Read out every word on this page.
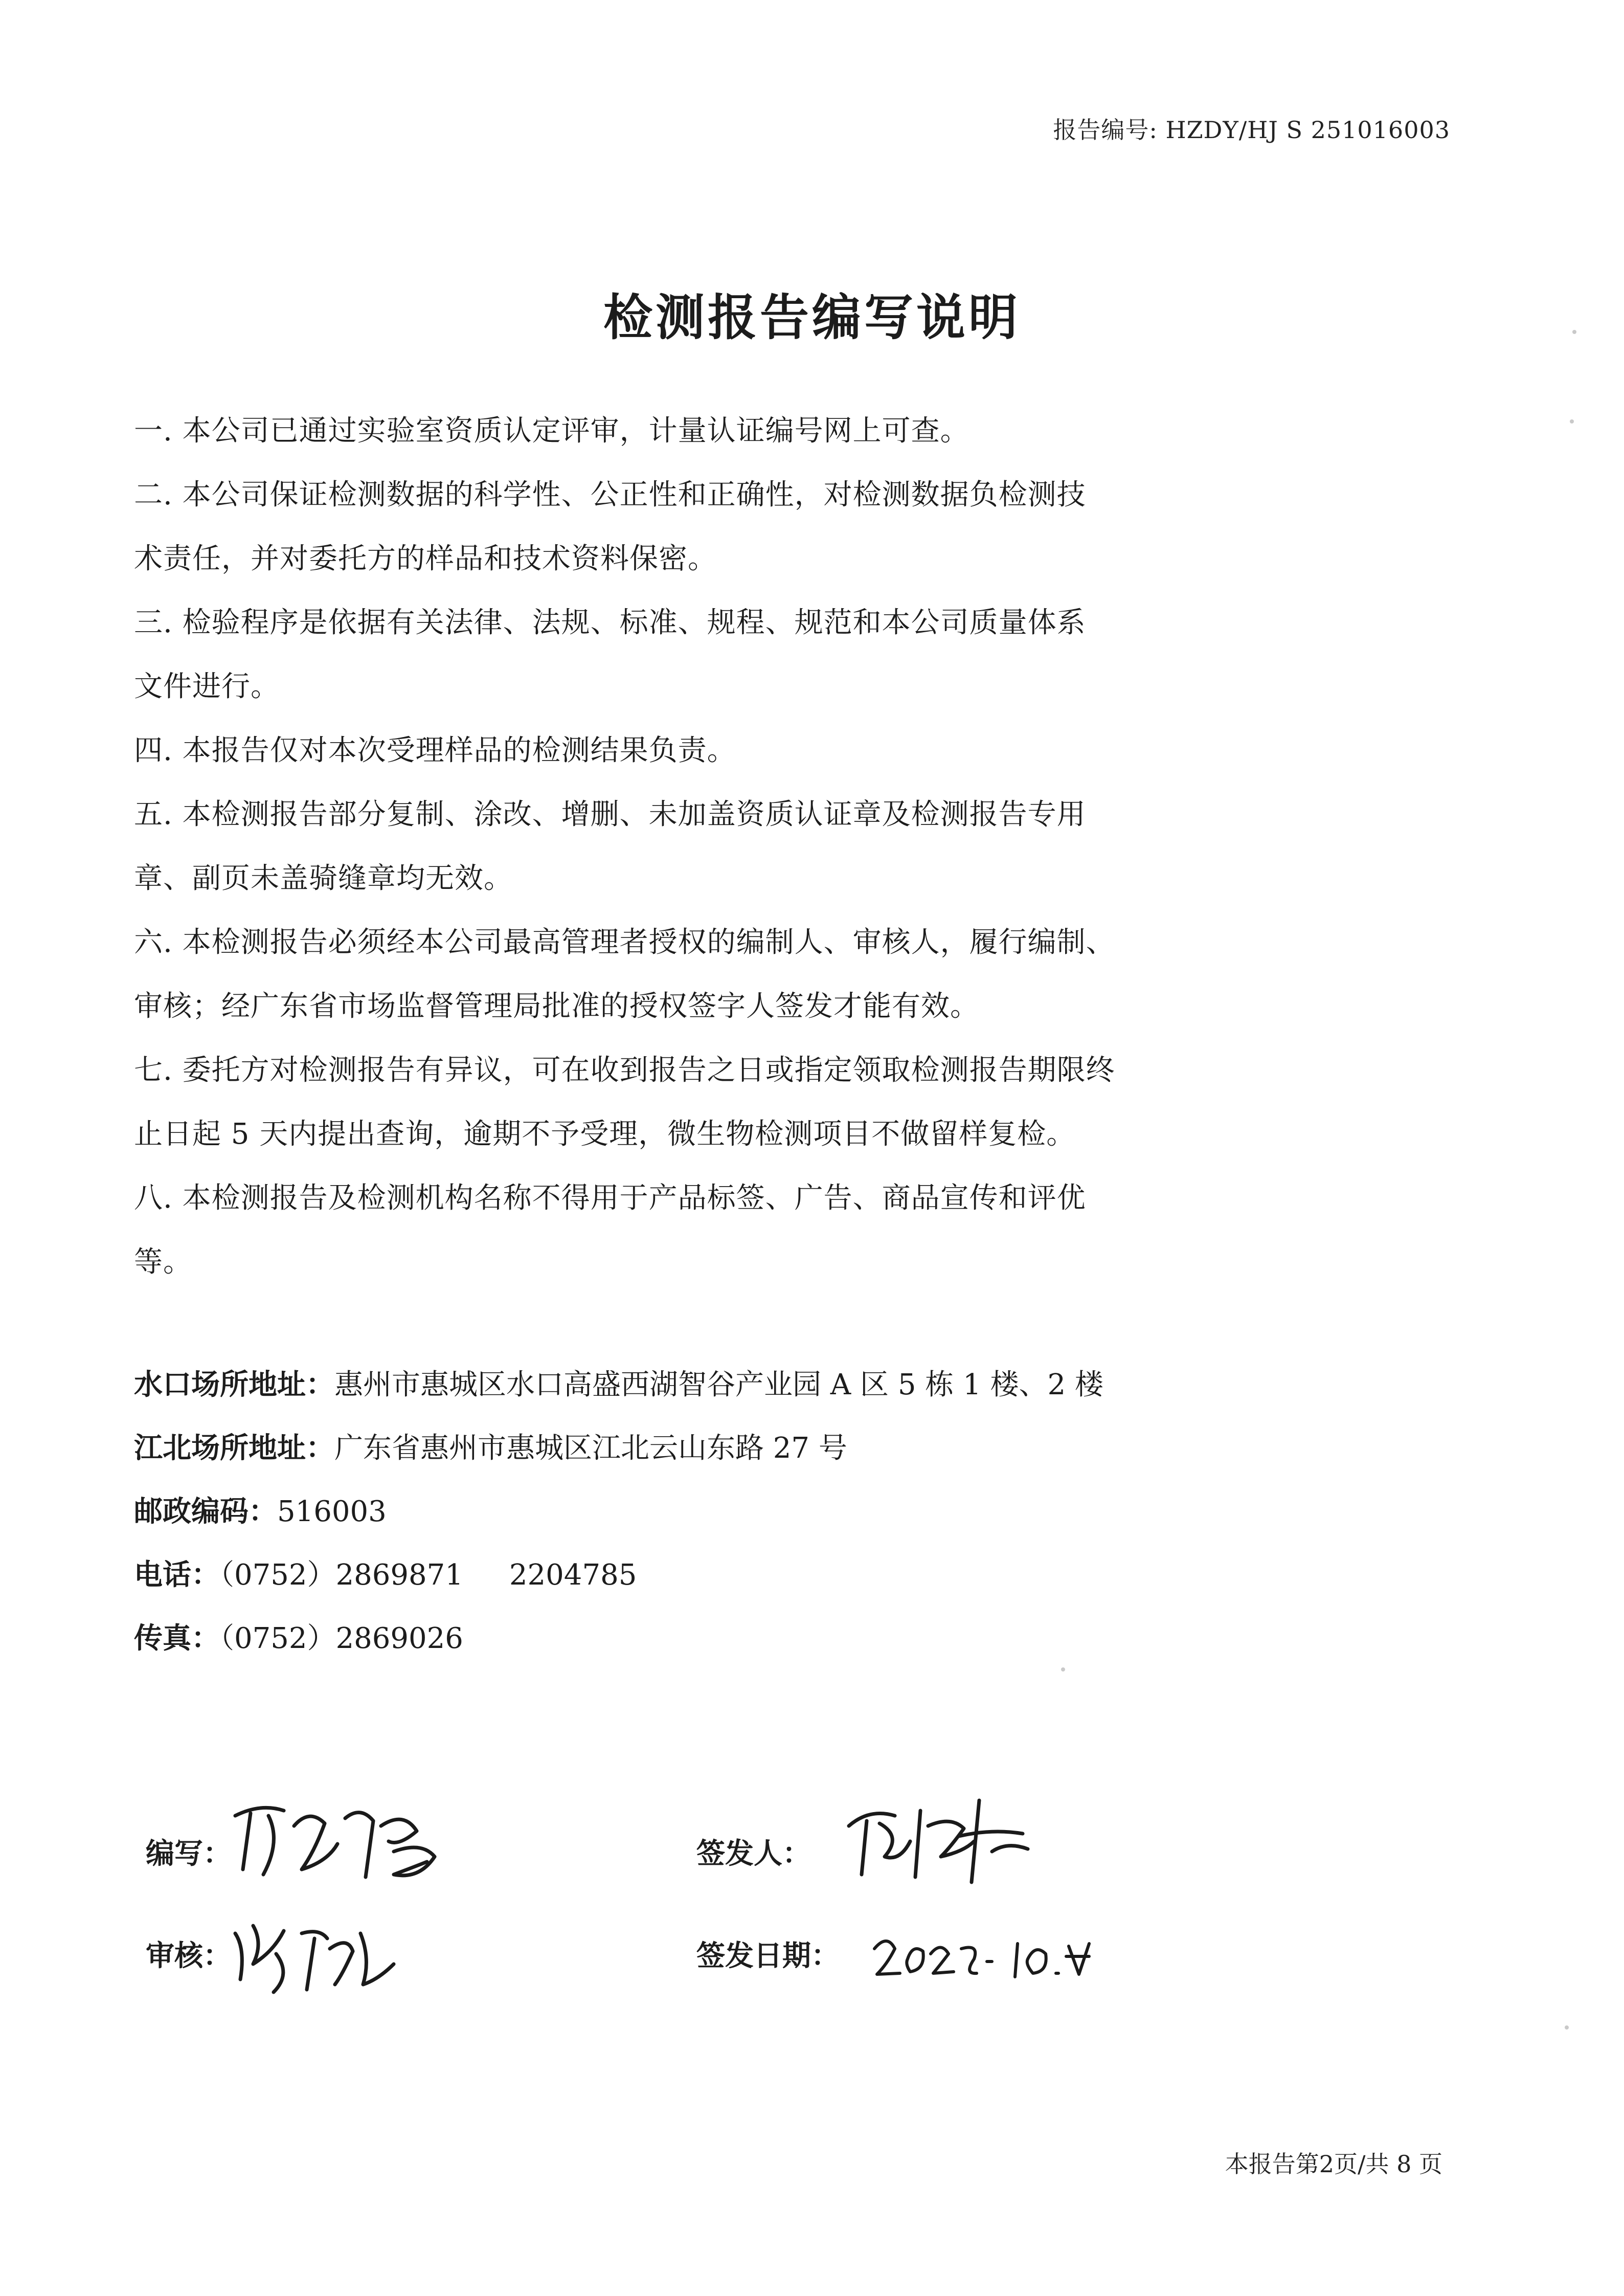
报告编号: HZDY/HJ S 251016003
检测报告编写说明
一. 本公司已通过实验室资质认定评审，计量认证编号网上可查。
二. 本公司保证检测数据的科学性、公正性和正确性，对检测数据负检测技
术责任，并对委托方的样品和技术资料保密。
三. 检验程序是依据有关法律、法规、标准、规程、规范和本公司质量体系
文件进行。
四. 本报告仅对本次受理样品的检测结果负责。
五. 本检测报告部分复制、涂改、增删、未加盖资质认证章及检测报告专用
章、副页未盖骑缝章均无效。
六. 本检测报告必须经本公司最高管理者授权的编制人、审核人，履行编制、
审核；经广东省市场监督管理局批准的授权签字人签发才能有效。
七. 委托方对检测报告有异议，可在收到报告之日或指定领取检测报告期限终
止日起 5 天内提出查询，逾期不予受理，微生物检测项目不做留样复检。
八. 本检测报告及检测机构名称不得用于产品标签、广告、商品宣传和评优
等。
水口场所地址：惠州市惠城区水口高盛西湖智谷产业园 A 区 5 栋 1 楼、2 楼
江北场所地址：广东省惠州市惠城区江北云山东路 27 号
邮政编码：516003
电话：（0752）2869871 2204785
传真：（0752）2869026
编写：
审核：
签发人：
签发日期：
本报告第2页/共 8 页
